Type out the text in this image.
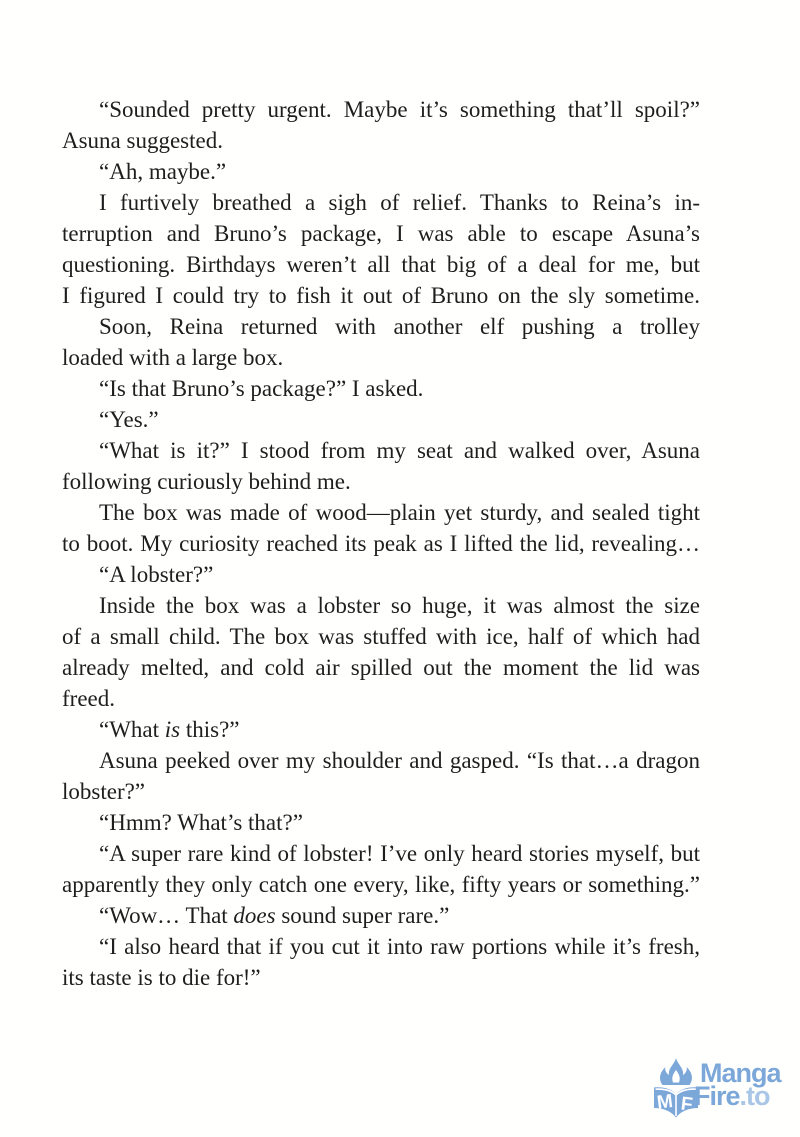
“Sounded pretty urgent. Maybe it’s something that’ll spoil?”
Asuna suggested.
“Ah, maybe.”
I furtively breathed a sigh of relief. Thanks to Reina’s in-
terruption and Bruno’s package, I was able to escape Asuna’s
questioning. Birthdays weren’t all that big of a deal for me, but
I figured I could try to fish it out of Bruno on the sly sometime.
Soon, Reina returned with another elf pushing a trolley
loaded with a large box.
“Is that Bruno’s package?” I asked.
“Yes.”
“What is it?” I stood from my seat and walked over, Asuna
following curiously behind me.
The box was made of wood—plain yet sturdy, and sealed tight
to boot. My curiosity reached its peak as I lifted the lid, revealing…
“A lobster?”
Inside the box was a lobster so huge, it was almost the size
of a small child. The box was stuffed with ice, half of which had
already melted, and cold air spilled out the moment the lid was
freed.
“What is this?”
Asuna peeked over my shoulder and gasped. “Is that…a dragon
lobster?”
“Hmm? What’s that?”
“A super rare kind of lobster! I’ve only heard stories myself, but
apparently they only catch one every, like, fifty years or something.”
“Wow… That does sound super rare.”
“I also heard that if you cut it into raw portions while it’s fresh,
its taste is to die for!”
M F
Manga
Fire.to
